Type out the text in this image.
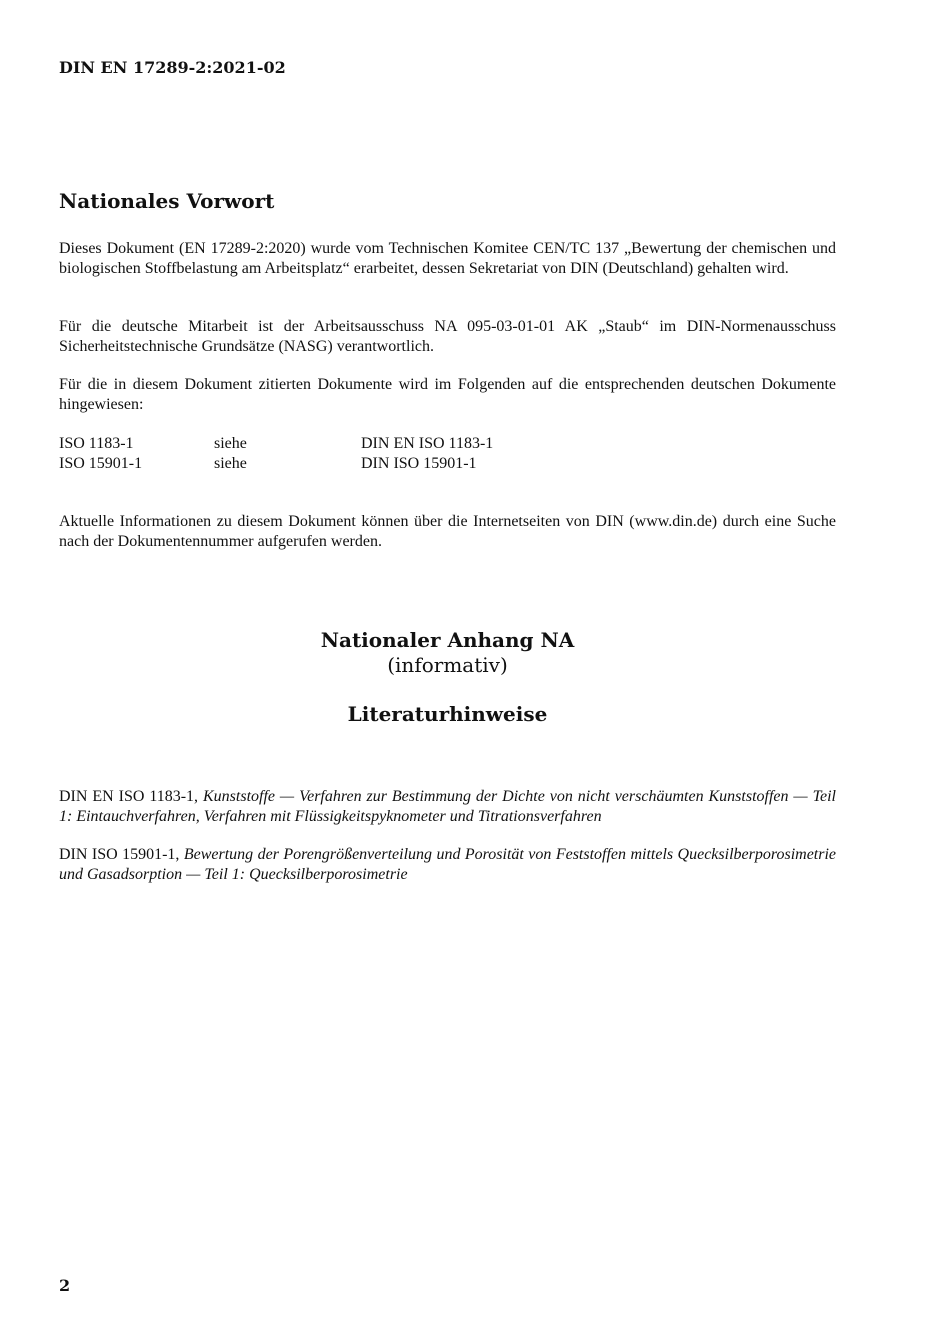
DIN EN 17289-2:2021-02
Nationales Vorwort
Dieses Dokument (EN 17289-2:2020) wurde vom Technischen Komitee CEN/TC 137 „Bewertung der chemischen und biologischen Stoffbelastung am Arbeitsplatz“ erarbeitet, dessen Sekretariat von DIN (Deutschland) gehalten wird.
Für die deutsche Mitarbeit ist der Arbeitsausschuss NA 095-03-01-01 AK „Staub“ im DIN-Normenausschuss Sicherheitstechnische Grundsätze (NASG) verantwortlich.
Für die in diesem Dokument zitierten Dokumente wird im Folgenden auf die entsprechenden deutschen Dokumente hingewiesen:
ISO 1183-1	siehe	DIN EN ISO 1183-1
ISO 15901-1	siehe	DIN ISO 15901-1
Aktuelle Informationen zu diesem Dokument können über die Internetseiten von DIN (www.din.de) durch eine Suche nach der Dokumentennummer aufgerufen werden.
Nationaler Anhang NA
(informativ)
Literaturhinweise
DIN EN ISO 1183-1, Kunststoffe — Verfahren zur Bestimmung der Dichte von nicht verschäumten Kunststoffen — Teil 1: Eintauchverfahren, Verfahren mit Flüssigkeitspyknometer und Titrationsverfahren
DIN ISO 15901-1, Bewertung der Porengrößenverteilung und Porosität von Feststoffen mittels Quecksilberporosimetrie und Gasadsorption — Teil 1: Quecksilberporosimetrie
2
